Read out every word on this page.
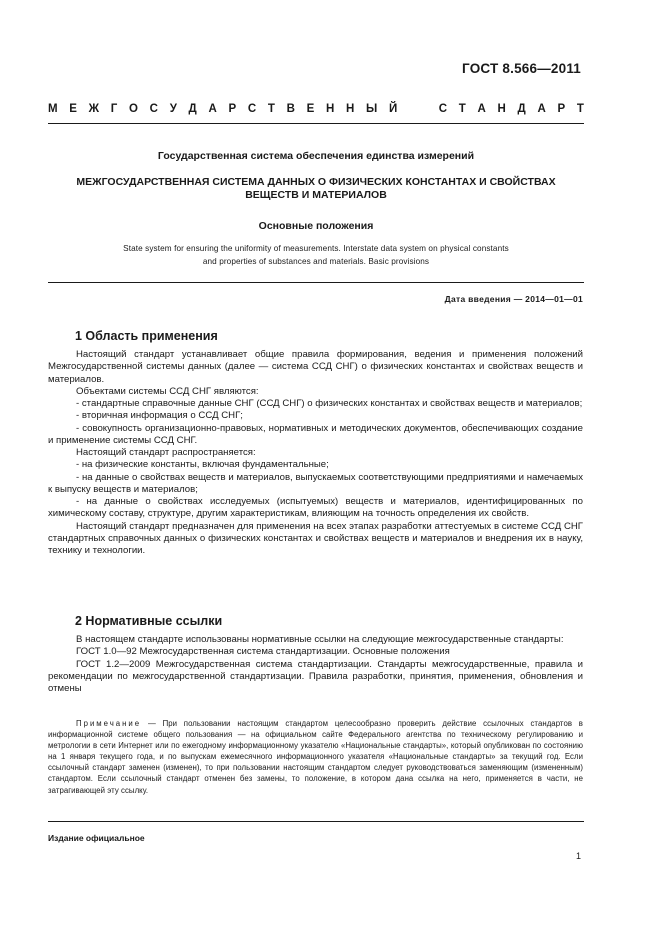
ГОСТ 8.566—2011
М Е Ж Г О С У Д А Р С Т В Е Н Н Ы Й

	С Т А Н Д А Р Т
Государственная система обеспечения единства измерений
МЕЖГОСУДАРСТВЕННАЯ СИСТЕМА ДАННЫХ О ФИЗИЧЕСКИХ КОНСТАНТАХ И СВОЙСТВАХ
ВЕЩЕСТВ И МАТЕРИАЛОВ
Основные положения
State system for ensuring the uniformity of measurements. Interstate data system on physical constants
and properties of substances and materials. Basic provisions
Дата введения — 2014—01—01
1 Область применения

Настоящий стандарт устанавливает общие правила формирования, ведения и применения положений Межгосударственной системы данных (далее — система ССД СНГ) о физических константах и свойствах веществ и материалов.

Объектами системы ССД СНГ являются:

- стандартные справочные данные СНГ (ССД СНГ) о физических константах и свойствах веществ и материалов;

- вторичная информация о ССД СНГ;

- совокупность организационно-правовых, нормативных и методических документов, обеспечивающих создание и применение системы ССД СНГ.

Настоящий стандарт распространяется:

- на физические константы, включая фундаментальные;

- на данные о свойствах веществ и материалов, выпускаемых соответствующими предприятиями и намечаемых к выпуску веществ и материалов;

- на данные о свойствах исследуемых (испытуемых) веществ и материалов, идентифицированных по химическому составу, структуре, другим характеристикам, влияющим на точность определения их свойств.

Настоящий стандарт предназначен для применения на всех этапах разработки аттестуемых в системе ССД СНГ стандартных справочных данных о физических константах и свойствах веществ и материалов и внедрения их в науку, технику и технологии.

2 Нормативные ссылки

В настоящем стандарте использованы нормативные ссылки на следующие межгосударственные стандарты:

ГОСТ 1.0—92 Межгосударственная система стандартизации. Основные положения

ГОСТ 1.2—2009 Межгосударственная система стандартизации. Стандарты межгосударственные, правила и рекомендации по межгосударственной стандартизации. Правила разработки, принятия, применения, обновления и отмены

Примечание — При пользовании настоящим стандартом целесообразно проверить действие ссылочных стандартов в информационной системе общего пользования — на официальном сайте Федерального агентства по техническому регулированию и метрологии в сети Интернет или по ежегодному информационному указателю «Национальные стандарты», который опубликован по состоянию на 1 января текущего года, и по выпускам ежемесячного информационного указателя «Национальные стандарты» за текущий год. Если ссылочный стандарт заменен (изменен), то при пользовании настоящим стандартом следует руководствоваться заменяющим (измененным) стандартом. Если ссылочный стандарт отменен без замены, то положение, в котором дана ссылка на него, применяется в части, не затрагивающей эту ссылку.

Издание официальное
1
